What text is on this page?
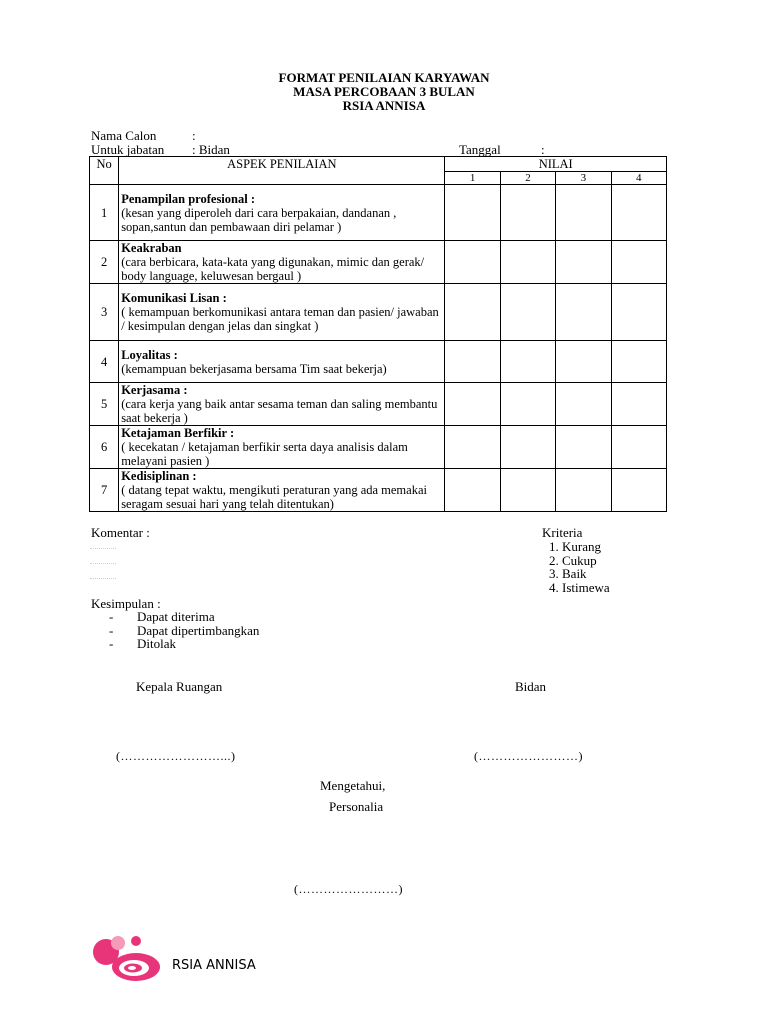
FORMAT PENILAIAN KARYAWAN
MASA PERCOBAAN 3 BULAN
RSIA ANNISA
Nama Calon	:
Untuk jabatan : Bidan	Tanggal	:
No	ASPEK PENILAIAN	NILAI			
		1	2	3	4
1	Penampilan profesional :
(kesan yang diperoleh dari cara berpakaian, dandanan , sopan,santun dan pembawaan diri pelamar )				

2	Keakraban
(cara berbicara, kata-kata yang digunakan, mimic dan gerak/ body language, keluwesan bergaul )				

3	Komunikasi Lisan :
( kemampuan berkomunikasi antara teman dan pasien/ jawaban / kesimpulan dengan jelas dan singkat )				

4	Loyalitas :
(kemampuan bekerjasama bersama Tim saat bekerja)				

5	Kerjasama :
(cara kerja yang baik antar sesama teman dan saling membantu saat bekerja )				

6	Ketajaman Berfikir :
( kecekatan / ketajaman berfikir serta daya analisis dalam melayani pasien )				

7	Kedisiplinan :
( datang tepat waktu, mengikuti peraturan yang ada memakai seragam sesuai hari yang telah ditentukan)				

Komentar :	Kriteria
1. Kurang
2. Cukup
3. Baik
4. Istimewa
Kesimpulan :
- Dapat diterima
- Dapat dipertimbangkan
- Ditolak
Kepala Ruangan	Bidan
(……………………...)	(……………………)
Mengetahui,
Personalia
(……………………)
RSIA ANNISA
